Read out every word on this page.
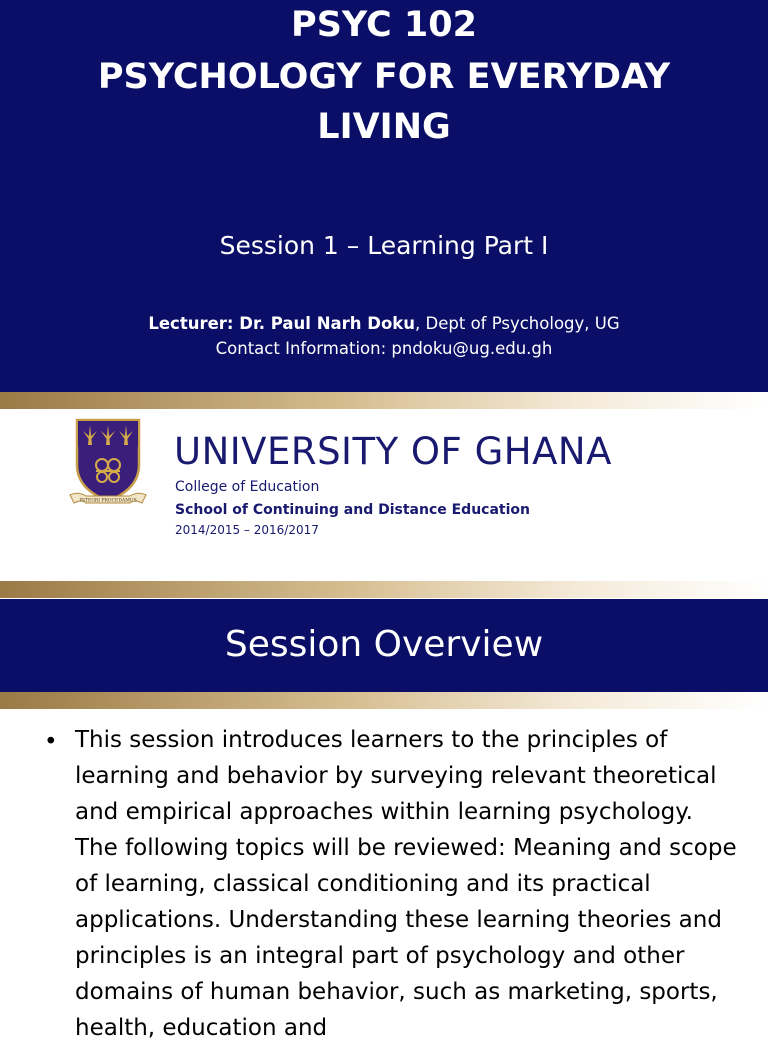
PSYC 102
PSYCHOLOGY FOR EVERYDAY LIVING
Session 1 – Learning Part I
Lecturer: Dr. Paul Narh Doku, Dept of Psychology, UG
Contact Information: pndoku@ug.edu.gh
INTEGRI PROCEDAMUS
UNIVERSITY OF GHANA
College of Education
School of Continuing and Distance Education
2014/2015 – 2016/2017
Session Overview
• This session introduces learners to the principles of learning and behavior by surveying relevant theoretical and empirical approaches within learning psychology. The following topics will be reviewed: Meaning and scope of learning, classical conditioning and its practical applications. Understanding these learning theories and principles is an integral part of psychology and other domains of human behavior, such as marketing, sports, health, education and
